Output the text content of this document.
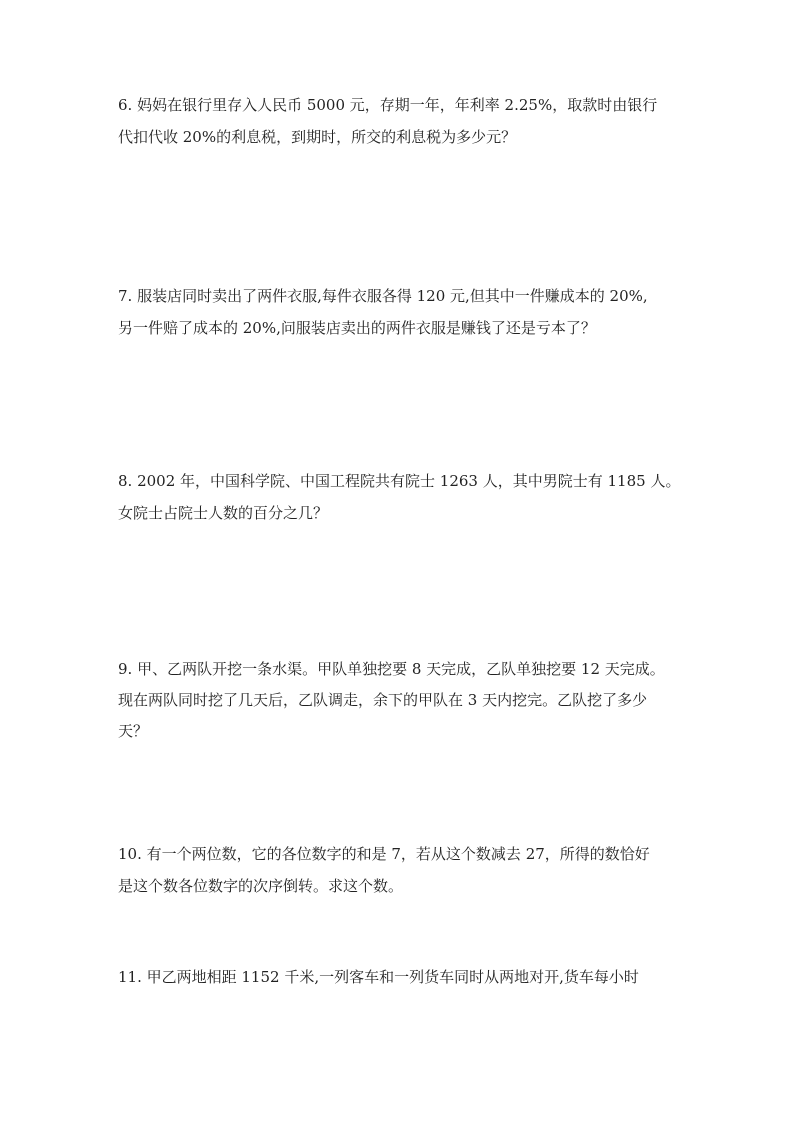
6. 妈妈在银行里存入人民币 5000 元，存期一年，年利率 2.25%，取款时由银行
代扣代收 20%的利息税，到期时，所交的利息税为多少元？
7. 服装店同时卖出了两件衣服,每件衣服各得 120 元,但其中一件赚成本的 20%,
另一件赔了成本的 20%,问服装店卖出的两件衣服是赚钱了还是亏本了？
8. 2002 年，中国科学院、中国工程院共有院士 1263 人，其中男院士有 1185 人。
女院士占院士人数的百分之几？
9. 甲、乙两队开挖一条水渠。甲队单独挖要 8 天完成，乙队单独挖要 12 天完成。
现在两队同时挖了几天后，乙队调走，余下的甲队在 3 天内挖完。乙队挖了多少
天？
10. 有一个两位数，它的各位数字的和是 7，若从这个数减去 27，所得的数恰好
是这个数各位数字的次序倒转。求这个数。
11. 甲乙两地相距 1152 千米,一列客车和一列货车同时从两地对开,货车每小时
